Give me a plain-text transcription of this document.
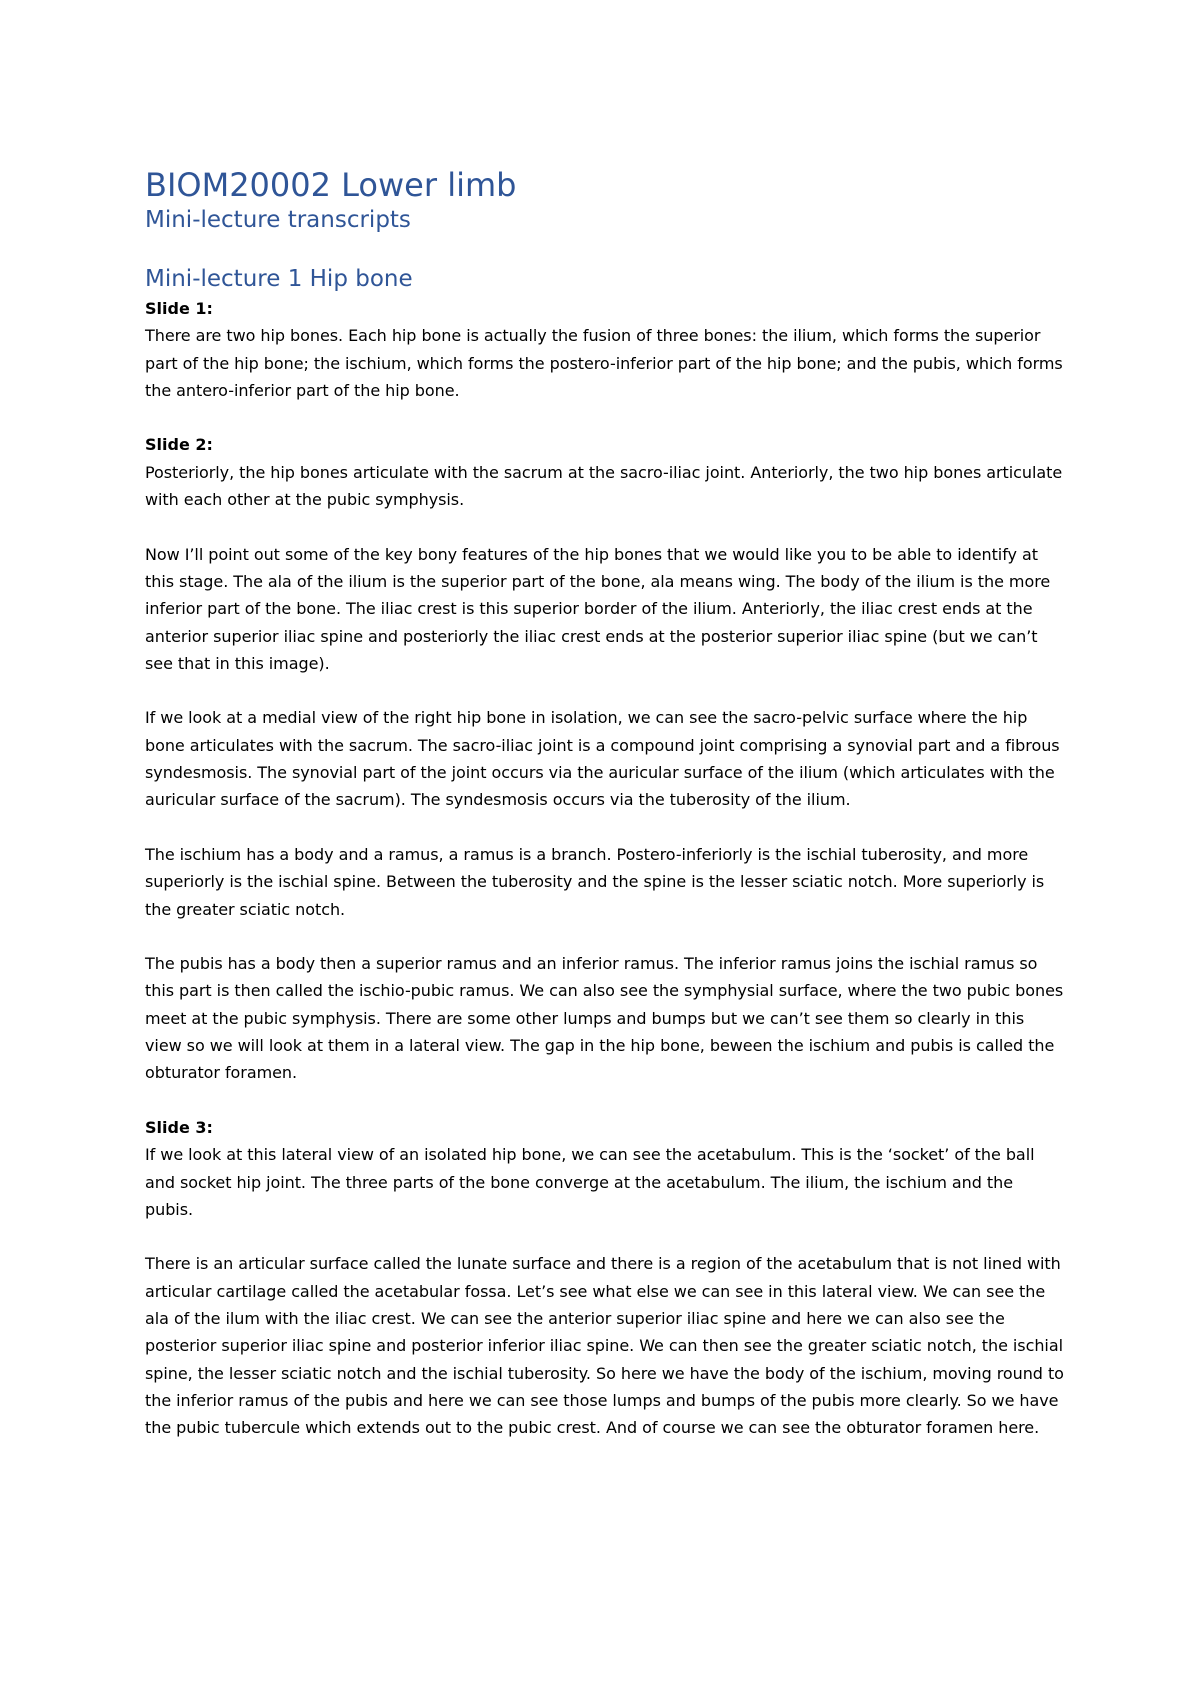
BIOM20002 Lower limb
Mini-lecture transcripts
Mini-lecture 1 Hip bone

Slide 1:

There are two hip bones. Each hip bone is actually the fusion of three bones: the ilium, which forms the superior part of the hip bone; the ischium, which forms the postero-inferior part of the hip bone; and the pubis, which forms the antero-inferior part of the hip bone.

Slide 2:

Posteriorly, the hip bones articulate with the sacrum at the sacro-iliac joint. Anteriorly, the two hip bones articulate with each other at the pubic symphysis.

Now I’ll point out some of the key bony features of the hip bones that we would like you to be able to identify at this stage. The ala of the ilium is the superior part of the bone, ala means wing. The body of the ilium is the more inferior part of the bone. The iliac crest is this superior border of the ilium. Anteriorly, the iliac crest ends at the anterior superior iliac spine and posteriorly the iliac crest ends at the posterior superior iliac spine (but we can’t see that in this image).

If we look at a medial view of the right hip bone in isolation, we can see the sacro-pelvic surface where the hip bone articulates with the sacrum. The sacro-iliac joint is a compound joint comprising a synovial part and a fibrous syndesmosis. The synovial part of the joint occurs via the auricular surface of the ilium (which articulates with the auricular surface of the sacrum). The syndesmosis occurs via the tuberosity of the ilium.

The ischium has a body and a ramus, a ramus is a branch. Postero-inferiorly is the ischial tuberosity, and more superiorly is the ischial spine. Between the tuberosity and the spine is the lesser sciatic notch. More superiorly is the greater sciatic notch.

The pubis has a body then a superior ramus and an inferior ramus. The inferior ramus joins the ischial ramus so this part is then called the ischio-pubic ramus. We can also see the symphysial surface, where the two pubic bones meet at the pubic symphysis. There are some other lumps and bumps but we can’t see them so clearly in this view so we will look at them in a lateral view. The gap in the hip bone, beween the ischium and pubis is called the obturator foramen.

Slide 3:

If we look at this lateral view of an isolated hip bone, we can see the acetabulum. This is the ‘socket’ of the ball and socket hip joint. The three parts of the bone converge at the acetabulum. The ilium, the ischium and the pubis.

There is an articular surface called the lunate surface and there is a region of the acetabulum that is not lined with articular cartilage called the acetabular fossa. Let’s see what else we can see in this lateral view. We can see the ala of the ilum with the iliac crest. We can see the anterior superior iliac spine and here we can also see the posterior superior iliac spine and posterior inferior iliac spine. We can then see the greater sciatic notch, the ischial spine, the lesser sciatic notch and the ischial tuberosity. So here we have the body of the ischium, moving round to the inferior ramus of the pubis and here we can see those lumps and bumps of the pubis more clearly. So we have the pubic tubercule which extends out to the pubic crest. And of course we can see the obturator foramen here.
